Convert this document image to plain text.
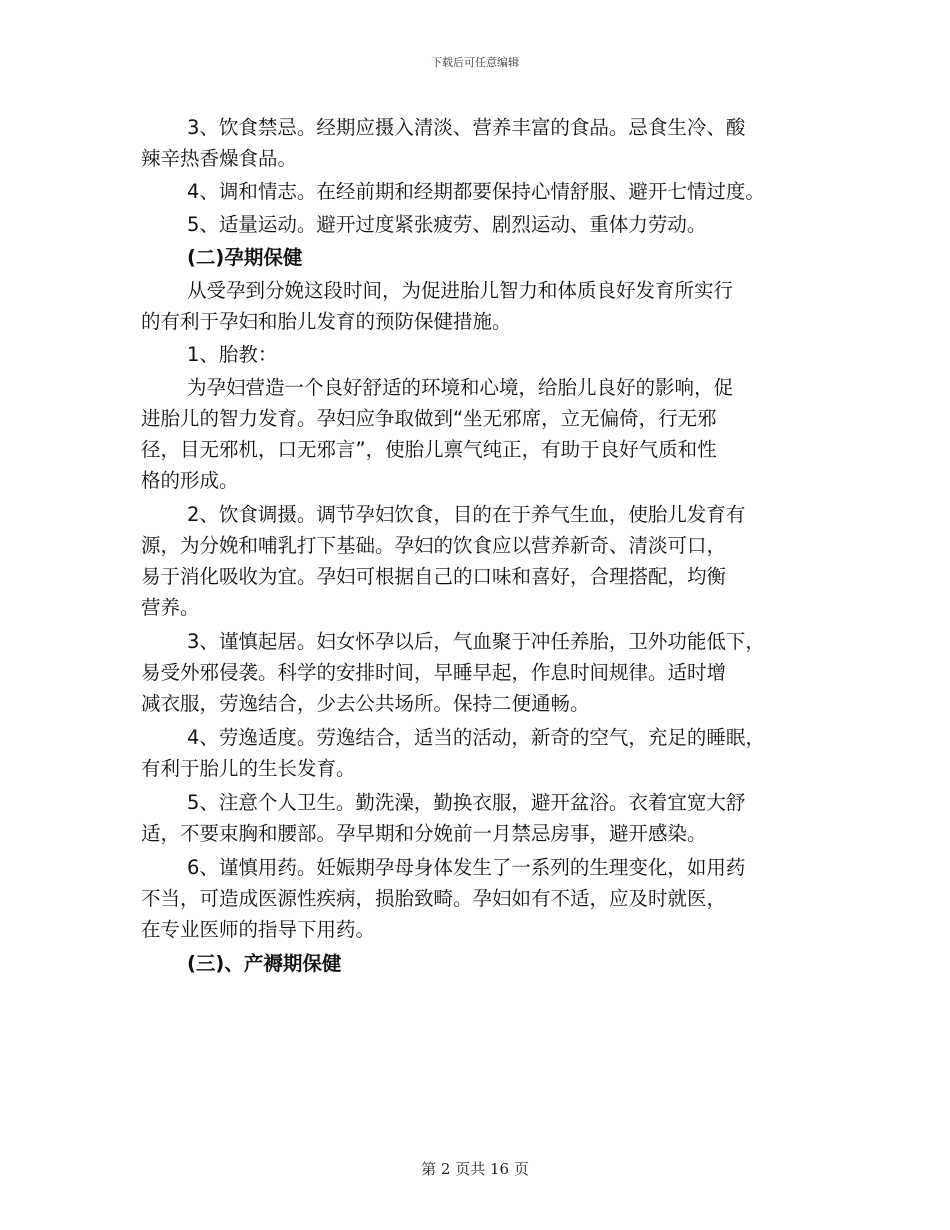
下载后可任意编辑
3、饮食禁忌。经期应摄入清淡、营养丰富的食品。忌食生冷、酸
辣辛热香燥食品。
4、调和情志。在经前期和经期都要保持心情舒服、避开七情过度。
5、适量运动。避开过度紧张疲劳、剧烈运动、重体力劳动。
(二)孕期保健
从受孕到分娩这段时间，为促进胎儿智力和体质良好发育所实行
的有利于孕妇和胎儿发育的预防保健措施。
1、胎教：
为孕妇营造一个良好舒适的环境和心境，给胎儿良好的影响，促
进胎儿的智力发育。孕妇应争取做到“坐无邪席，立无偏倚，行无邪
径，目无邪机，口无邪言”，使胎儿禀气纯正，有助于良好气质和性
格的形成。
2、饮食调摄。调节孕妇饮食，目的在于养气生血，使胎儿发育有
源，为分娩和哺乳打下基础。孕妇的饮食应以营养新奇、清淡可口，
易于消化吸收为宜。孕妇可根据自己的口味和喜好，合理搭配，均衡
营养。
3、谨慎起居。妇女怀孕以后，气血聚于冲任养胎，卫外功能低下，
易受外邪侵袭。科学的安排时间，早睡早起，作息时间规律。适时增
减衣服，劳逸结合，少去公共场所。保持二便通畅。
4、劳逸适度。劳逸结合，适当的活动，新奇的空气，充足的睡眠，
有利于胎儿的生长发育。
5、注意个人卫生。勤洗澡，勤换衣服，避开盆浴。衣着宜宽大舒
适，不要束胸和腰部。孕早期和分娩前一月禁忌房事，避开感染。
6、谨慎用药。妊娠期孕母身体发生了一系列的生理变化，如用药
不当，可造成医源性疾病，损胎致畸。孕妇如有不适，应及时就医，
在专业医师的指导下用药。
(三)、产褥期保健
第 2 页共 16 页
